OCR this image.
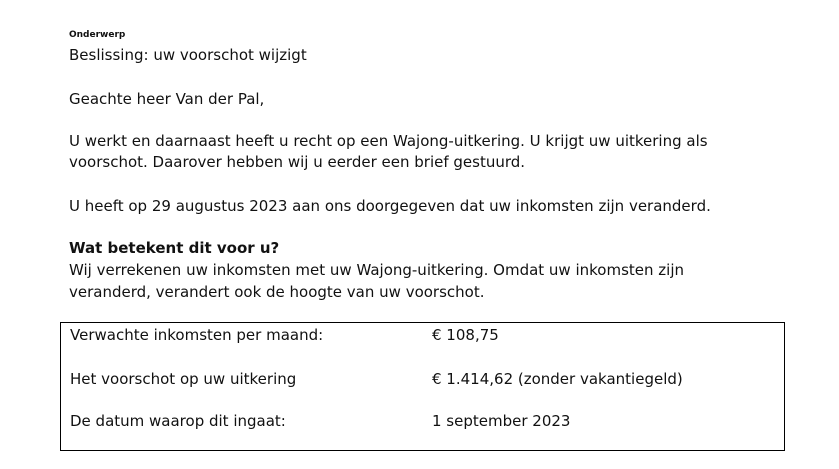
Onderwerp

Beslissing: uw voorschot wijzigt

Geachte heer Van der Pal,

U werkt en daarnaast heeft u recht op een Wajong-uitkering. U krijgt uw uitkering als

voorschot. Daarover hebben wij u eerder een brief gestuurd.

U heeft op 29 augustus 2023 aan ons doorgegeven dat uw inkomsten zijn veranderd.

Wat betekent dit voor u?

Wij verrekenen uw inkomsten met uw Wajong-uitkering. Omdat uw inkomsten zijn

veranderd, verandert ook de hoogte van uw voorschot.

Verwachte inkomsten per maand:	€ 108,75
Het voorschot op uw uitkering	€ 1.414,62 (zonder vakantiegeld)
De datum waarop dit ingaat:	1 september 2023
